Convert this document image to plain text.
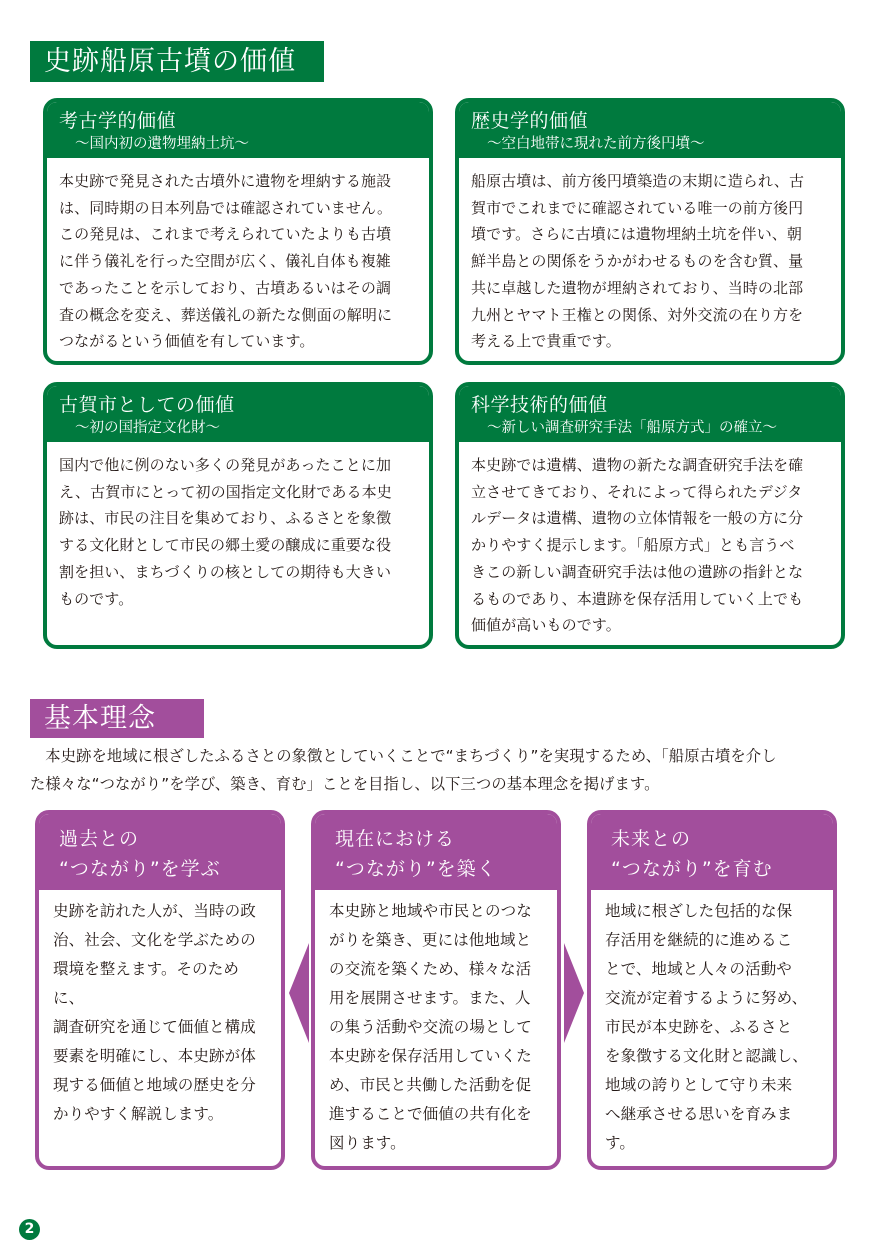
史跡船原古墳の価値
考古学的価値
～国内初の遺物埋納土坑～
本史跡で発見された古墳外に遺物を埋納する施設
は、同時期の日本列島では確認されていません。
この発見は、これまで考えられていたよりも古墳
に伴う儀礼を行った空間が広く、儀礼自体も複雑
であったことを示しており、古墳あるいはその調
査の概念を変え、葬送儀礼の新たな側面の解明に
つながるという価値を有しています。
歴史学的価値
～空白地帯に現れた前方後円墳～
船原古墳は、前方後円墳築造の末期に造られ、古
賀市でこれまでに確認されている唯一の前方後円
墳です。さらに古墳には遺物埋納土坑を伴い、朝
鮮半島との関係をうかがわせるものを含む質、量
共に卓越した遺物が埋納されており、当時の北部
九州とヤマト王権との関係、対外交流の在り方を
考える上で貴重です。
古賀市としての価値
～初の国指定文化財～
国内で他に例のない多くの発見があったことに加
え、古賀市にとって初の国指定文化財である本史
跡は、市民の注目を集めており、ふるさとを象徴
する文化財として市民の郷土愛の醸成に重要な役
割を担い、まちづくりの核としての期待も大きい
ものです。
科学技術的価値
～新しい調査研究手法「船原方式」の確立～
本史跡では遺構、遺物の新たな調査研究手法を確
立させてきており、それによって得られたデジタ
ルデータは遺構、遺物の立体情報を一般の方に分
かりやすく提示します。「船原方式」とも言うべ
きこの新しい調査研究手法は他の遺跡の指針とな
るものであり、本遺跡を保存活用していく上でも
価値が高いものです。
基本理念
本史跡を地域に根ざしたふるさとの象徴としていくことで“まちづくり”を実現するため、「船原古墳を介し
た様々な“つながり”を学び、築き、育む」ことを目指し、以下三つの基本理念を掲げます。
過去との
“つながり”を学ぶ
史跡を訪れた人が、当時の政
治、社会、文化を学ぶための
環境を整えます。そのために、
調査研究を通じて価値と構成
要素を明確にし、本史跡が体
現する価値と地域の歴史を分
かりやすく解説します。
現在における
“つながり”を築く
本史跡と地域や市民とのつな
がりを築き、更には他地域と
の交流を築くため、様々な活
用を展開させます。また、人
の集う活動や交流の場として
本史跡を保存活用していくた
め、市民と共働した活動を促
進することで価値の共有化を
図ります。
未来との
“つながり”を育む
地域に根ざした包括的な保
存活用を継続的に進めるこ
とで、地域と人々の活動や
交流が定着するように努め、
市民が本史跡を、ふるさと
を象徴する文化財と認識し、
地域の誇りとして守り未来
へ継承させる思いを育みま
す。
2
